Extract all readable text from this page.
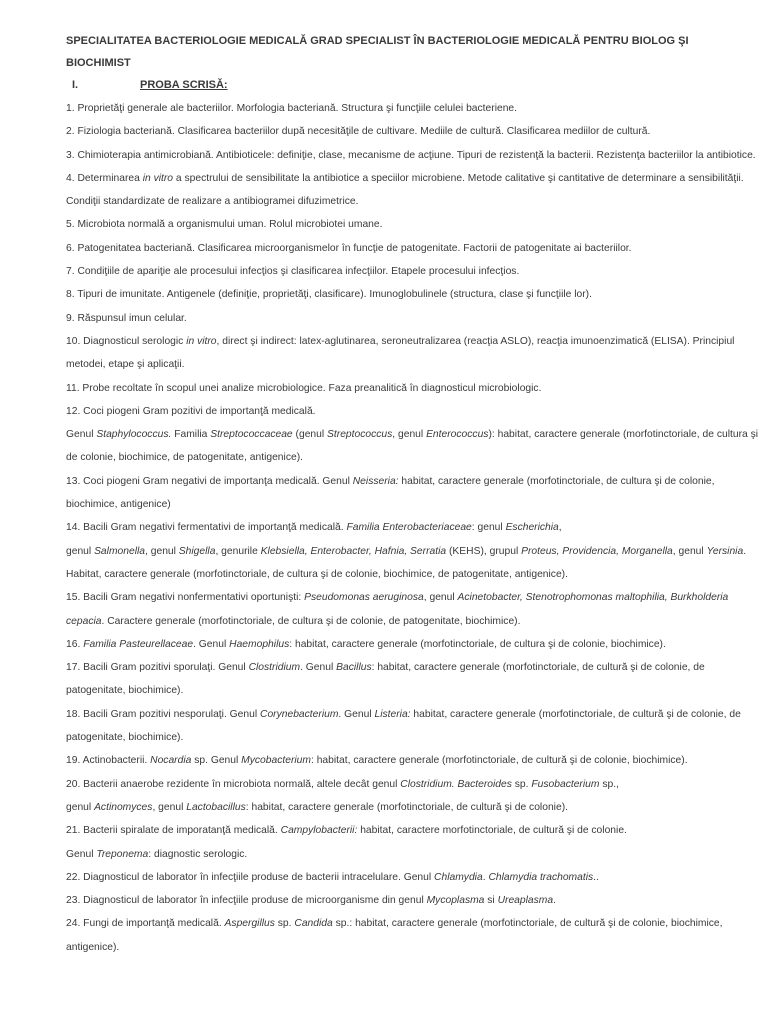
SPECIALITATEA BACTERIOLOGIE MEDICALĂ GRAD SPECIALIST ÎN BACTERIOLOGIE MEDICALĂ PENTRU BIOLOG ŞI BIOCHIMIST

I.	PROBA SCRISĂ:

1. Proprietăţi generale ale bacteriilor. Morfologia bacteriană. Structura şi funcţiile celulei bacteriene.

2. Fiziologia bacteriană. Clasificarea bacteriilor după necesităţile de cultivare. Mediile de cultură. Clasificarea mediilor de cultură.

3. Chimioterapia antimicrobiană. Antibioticele: definiţie, clase, mecanisme de acţiune. Tipuri de rezistenţă la bacterii. Rezistenţa bacteriilor la antibiotice.

4. Determinarea in vitro a spectrului de sensibilitate la antibiotice a speciilor microbiene. Metode calitative şi cantitative de determinare a sensibilităţii. Condiţii standardizate de realizare a antibiogramei difuzimetrice.

5. Microbiota normală a organismului uman. Rolul microbiotei umane.

6. Patogenitatea bacteriană. Clasificarea microorganismelor în funcţie de patogenitate. Factorii de patogenitate ai bacteriilor.

7. Condiţiile de apariţie ale procesului infecţios şi clasificarea infecţiilor. Etapele procesului infecţios.

8. Tipuri de imunitate. Antigenele (definiţie, proprietăţi, clasificare). Imunoglobulinele (structura, clase şi funcţiile lor).

9. Răspunsul imun celular.

10. Diagnosticul serologic in vitro, direct şi indirect: latex-aglutinarea, seroneutralizarea (reacţia ASLO), reacţia imunoenzimatică (ELISA). Principiul metodei, etape şi aplicaţii.

11. Probe recoltate în scopul unei analize microbiologice. Faza preanalitică în diagnosticul microbiologic.

12. Coci piogeni Gram pozitivi de importanţă medicală.
Genul Staphylococcus. Familia Streptococcaceae (genul Streptococcus, genul Enterococcus): habitat, caractere generale (morfotinctoriale, de cultura şi de colonie, biochimice, de patogenitate, antigenice).

13. Coci piogeni Gram negativi de importanţa medicală. Genul Neisseria: habitat, caractere generale (morfotinctoriale, de cultura şi de colonie, biochimice, antigenice)

14. Bacili Gram negativi fermentativi de importanţă medicală. Familia Enterobacteriaceae: genul Escherichia,
genul Salmonella, genul Shigella, genurile Klebsiella, Enterobacter, Hafnia, Serratia (KEHS), grupul Proteus, Providencia, Morganella, genul Yersinia. Habitat, caractere generale (morfotinctoriale, de cultura şi de colonie, biochimice, de patogenitate, antigenice).

15. Bacili Gram negativi nonfermentativi oportunişti: Pseudomonas aeruginosa, genul Acinetobacter, Stenotrophomonas maltophilia, Burkholderia cepacia. Caractere generale (morfotinctoriale, de cultura şi de colonie, de patogenitate, biochimice).

16. Familia Pasteurellaceae. Genul Haemophilus: habitat, caractere generale (morfotinctoriale, de cultura şi de colonie, biochimice).

17. Bacili Gram pozitivi sporulaţi. Genul Clostridium. Genul Bacillus: habitat, caractere generale (morfotinctoriale, de cultură şi de colonie, de patogenitate, biochimice).

18. Bacili Gram pozitivi nesporulaţi. Genul Corynebacterium. Genul Listeria: habitat, caractere generale (morfotinctoriale, de cultură şi de colonie, de patogenitate, biochimice).

19. Actinobacterii. Nocardia sp. Genul Mycobacterium: habitat, caractere generale (morfotinctoriale, de cultură şi de colonie, biochimice).

20. Bacterii anaerobe rezidente în microbiota normală, altele decât genul Clostridium. Bacteroides sp. Fusobacterium sp.,
genul Actinomyces, genul Lactobacillus: habitat, caractere generale (morfotinctoriale, de cultură şi de colonie).

21. Bacterii spiralate de imporatanţă medicală. Campylobacterii: habitat, caractere morfotinctoriale, de cultură şi de colonie.
Genul Treponema: diagnostic serologic.

22. Diagnosticul de laborator în infecţiile produse de bacterii intracelulare. Genul Chlamydia. Chlamydia trachomatis..

23. Diagnosticul de laborator în infecţiile produse de microorganisme din genul Mycoplasma si Ureaplasma.

24. Fungi de importanţă medicală. Aspergillus sp. Candida sp.: habitat, caractere generale (morfotinctoriale, de cultură şi de colonie, biochimice, antigenice).
